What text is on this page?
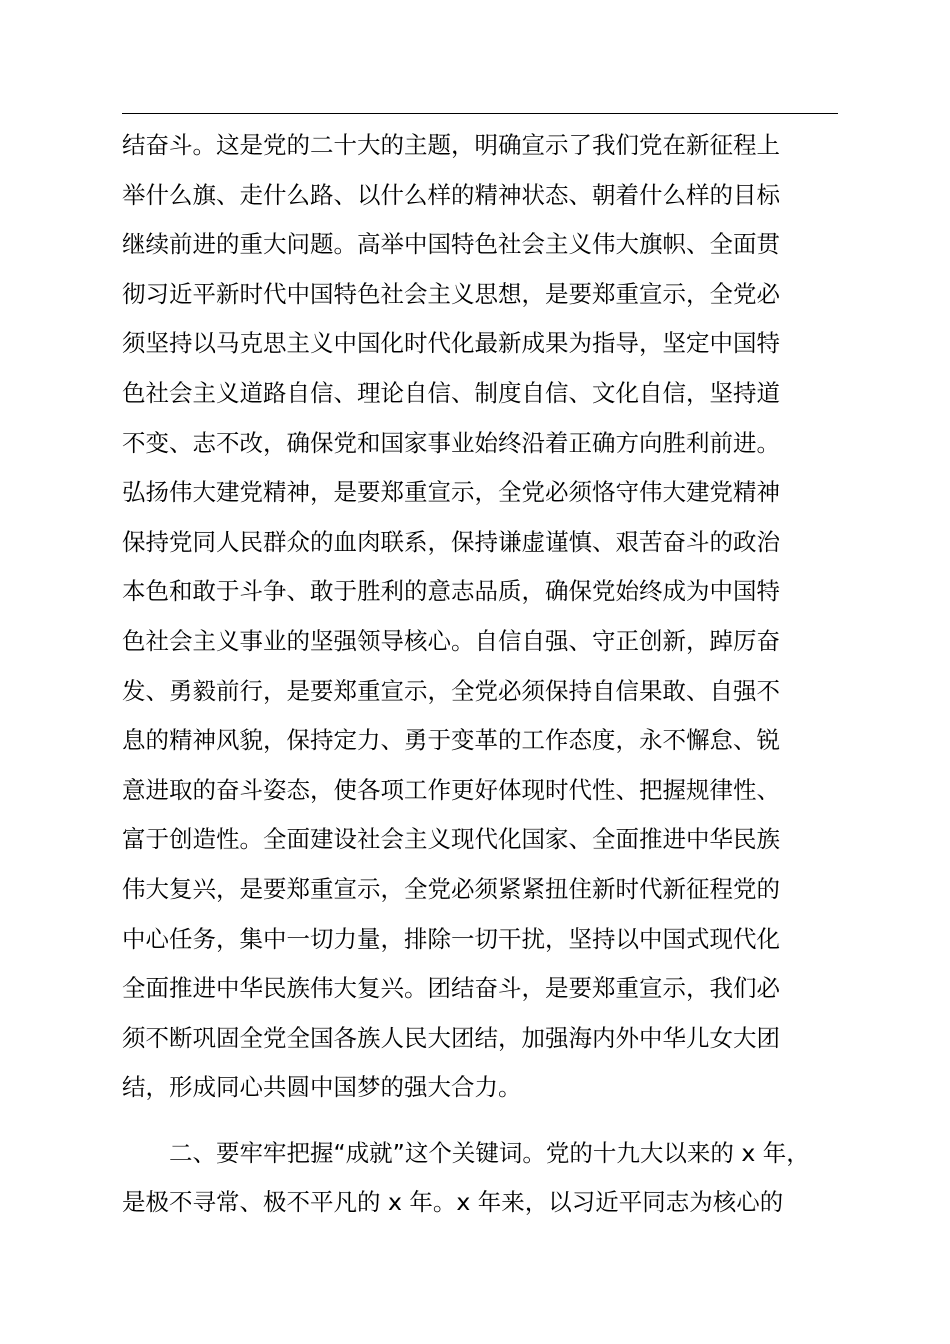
结奋斗。这是党的二十大的主题，明确宣示了我们党在新征程上
举什么旗、走什么路、以什么样的精神状态、朝着什么样的目标
继续前进的重大问题。高举中国特色社会主义伟大旗帜、全面贯
彻习近平新时代中国特色社会主义思想，是要郑重宣示，全党必
须坚持以马克思主义中国化时代化最新成果为指导，坚定中国特
色社会主义道路自信、理论自信、制度自信、文化自信，坚持道
不变、志不改，确保党和国家事业始终沿着正确方向胜利前进。
弘扬伟大建党精神，是要郑重宣示，全党必须恪守伟大建党精神
保持党同人民群众的血肉联系，保持谦虚谨慎、艰苦奋斗的政治
本色和敢于斗争、敢于胜利的意志品质，确保党始终成为中国特
色社会主义事业的坚强领导核心。自信自强、守正创新，踔厉奋
发、勇毅前行，是要郑重宣示，全党必须保持自信果敢、自强不
息的精神风貌，保持定力、勇于变革的工作态度，永不懈怠、锐
意进取的奋斗姿态，使各项工作更好体现时代性、把握规律性、
富于创造性。全面建设社会主义现代化国家、全面推进中华民族
伟大复兴，是要郑重宣示，全党必须紧紧扭住新时代新征程党的
中心任务，集中一切力量，排除一切干扰，坚持以中国式现代化
全面推进中华民族伟大复兴。团结奋斗，是要郑重宣示，我们必
须不断巩固全党全国各族人民大团结，加强海内外中华儿女大团
结，形成同心共圆中国梦的强大合力。
　　二、要牢牢把握“成就”这个关键词。党的十九大以来的 x 年，
是极不寻常、极不平凡的 x 年。x 年来，以习近平同志为核心的
